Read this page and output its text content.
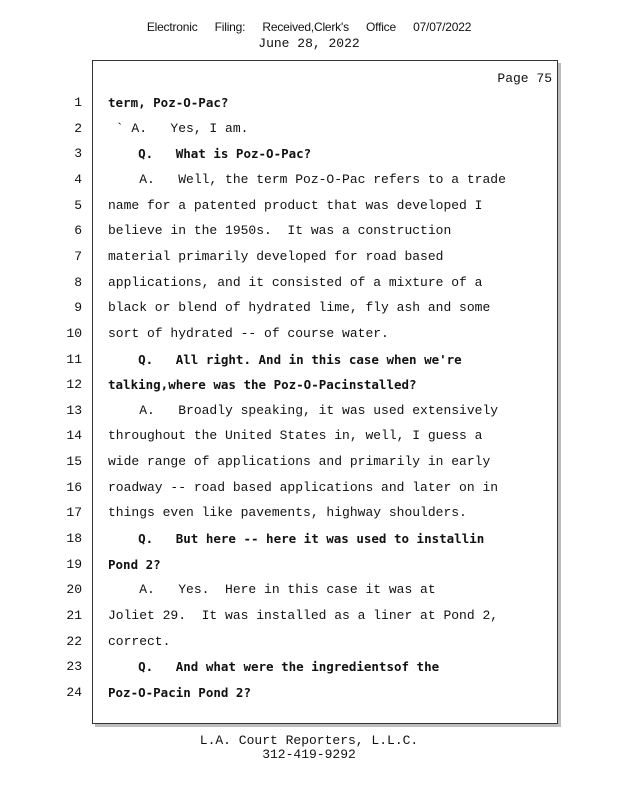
Electronic Filing: Received,Clerk's Office 07/07/2022
June 28, 2022
Page 75
1 term, Poz-O-Pac?
2 ` A.   Yes, I am.
3 Q.   What is Poz-O-Pac?
4 A.   Well, the term Poz-O-Pac refers to a trade
5 name for a patented product that was developed I
6 believe in the 1950s.  It was a construction
7 material primarily developed for road based
8 applications, and it consisted of a mixture of a
9 black or blend of hydrated lime, fly ash and some
10 sort of hydrated -- of course water.
11 Q.   All right. And in this case when we're
12 talking,where was the Poz-O-Pacinstalled?
13 A.   Broadly speaking, it was used extensively
14 throughout the United States in, well, I guess a
15 wide range of applications and primarily in early
16 roadway -- road based applications and later on in
17 things even like pavements, highway shoulders.
18 Q.   But here -- here it was used to installin
19 Pond 2?
20 A.   Yes.  Here in this case it was at
21 Joliet 29.  It was installed as a liner at Pond 2,
22 correct.
23 Q.   And what were the ingredientsof the
24 Poz-O-Pacin Pond 2?
L.A. Court Reporters, L.L.C.
312-419-9292
